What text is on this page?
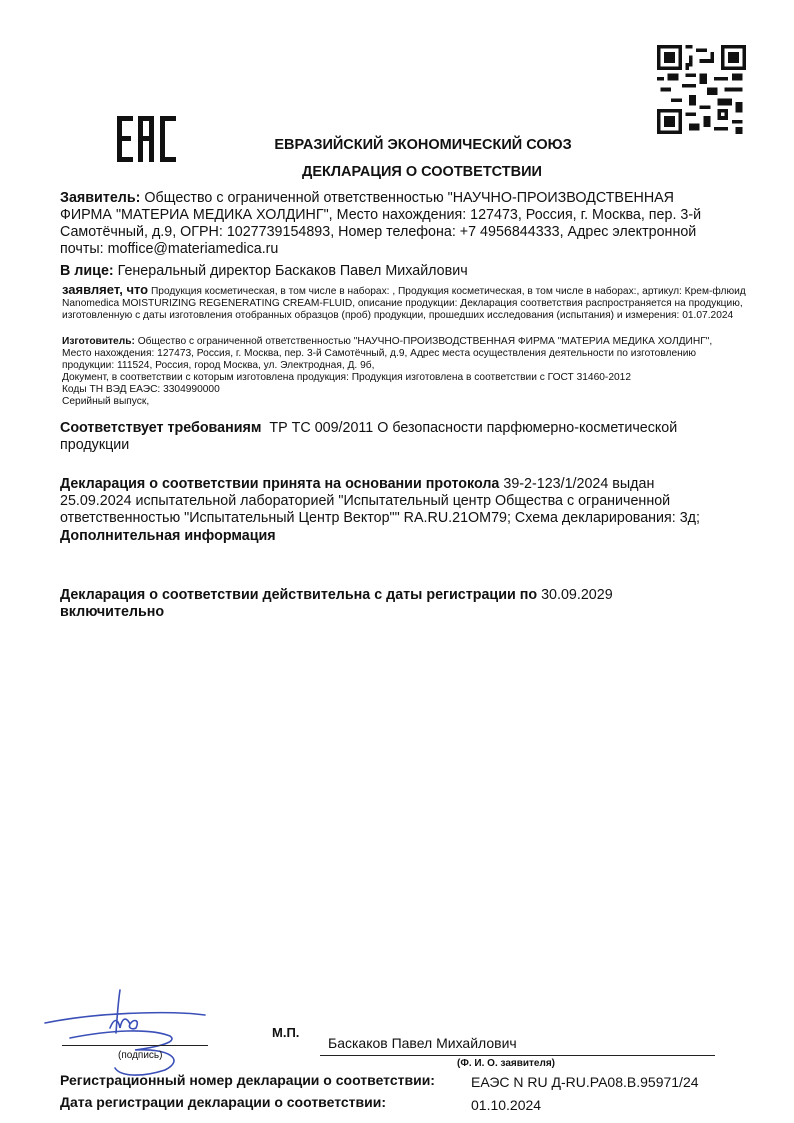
ЕВРАЗИЙСКИЙ ЭКОНОМИЧЕСКИЙ СОЮЗ
ДЕКЛАРАЦИЯ О СООТВЕТСТВИИ
Заявитель: Общество с ограниченной ответственностью "НАУЧНО-ПРОИЗВОДСТВЕННАЯ ФИРМА "МАТЕРИА МЕДИКА ХОЛДИНГ", Место нахождения: 127473, Россия, г. Москва, пер. 3-й Самотёчный, д.9, ОГРН: 1027739154893, Номер телефона: +7 4956844333, Адрес электронной почты: moffice@materiamedica.ru
В лице: Генеральный директор Баскаков Павел Михайлович
заявляет, что Продукция косметическая, в том числе в наборах: , Продукция косметическая, в том числе в наборах:, артикул: Крем-флюид Nanomedica MOISTURIZING REGENERATING CREAM-FLUID, описание продукции: Декларация соответствия распространяется на продукцию, изготовленную с даты изготовления отобранных образцов (проб) продукции, прошедших исследования (испытания) и измерения: 01.07.2024
Изготовитель: Общество с ограниченной ответственностью "НАУЧНО-ПРОИЗВОДСТВЕННАЯ ФИРМА "МАТЕРИА МЕДИКА ХОЛДИНГ", Место нахождения: 127473, Россия, г. Москва, пер. 3-й Самотёчный, д.9, Адрес места осуществления деятельности по изготовлению продукции: 111524, Россия, город Москва, ул. Электродная, Д. 9б,
Документ, в соответствии с которым изготовлена продукция: Продукция изготовлена в соответствии с ГОСТ 31460-2012
Коды ТН ВЭД ЕАЭС: 3304990000
Серийный выпуск,
Соответствует требованиям ТР ТС 009/2011 О безопасности парфюмерно-косметической продукции
Декларация о соответствии принята на основании протокола 39-2-123/1/2024 выдан 25.09.2024 испытательной лабораторией "Испытательный центр Общества с ограниченной ответственностью "Испытательный Центр Вектор"" RA.RU.21ОМ79; Схема декларирования: 3д;
Дополнительная информация
Декларация о соответствии действительна с даты регистрации по 30.09.2029 включительно
(подпись)
М.П.
Баскаков Павел Михайлович
(Ф. И. О. заявителя)
Регистрационный номер декларации о соответствии:	ЕАЭС N RU Д-RU.PA08.B.95971/24
Дата регистрации декларации о соответствии:	01.10.2024
